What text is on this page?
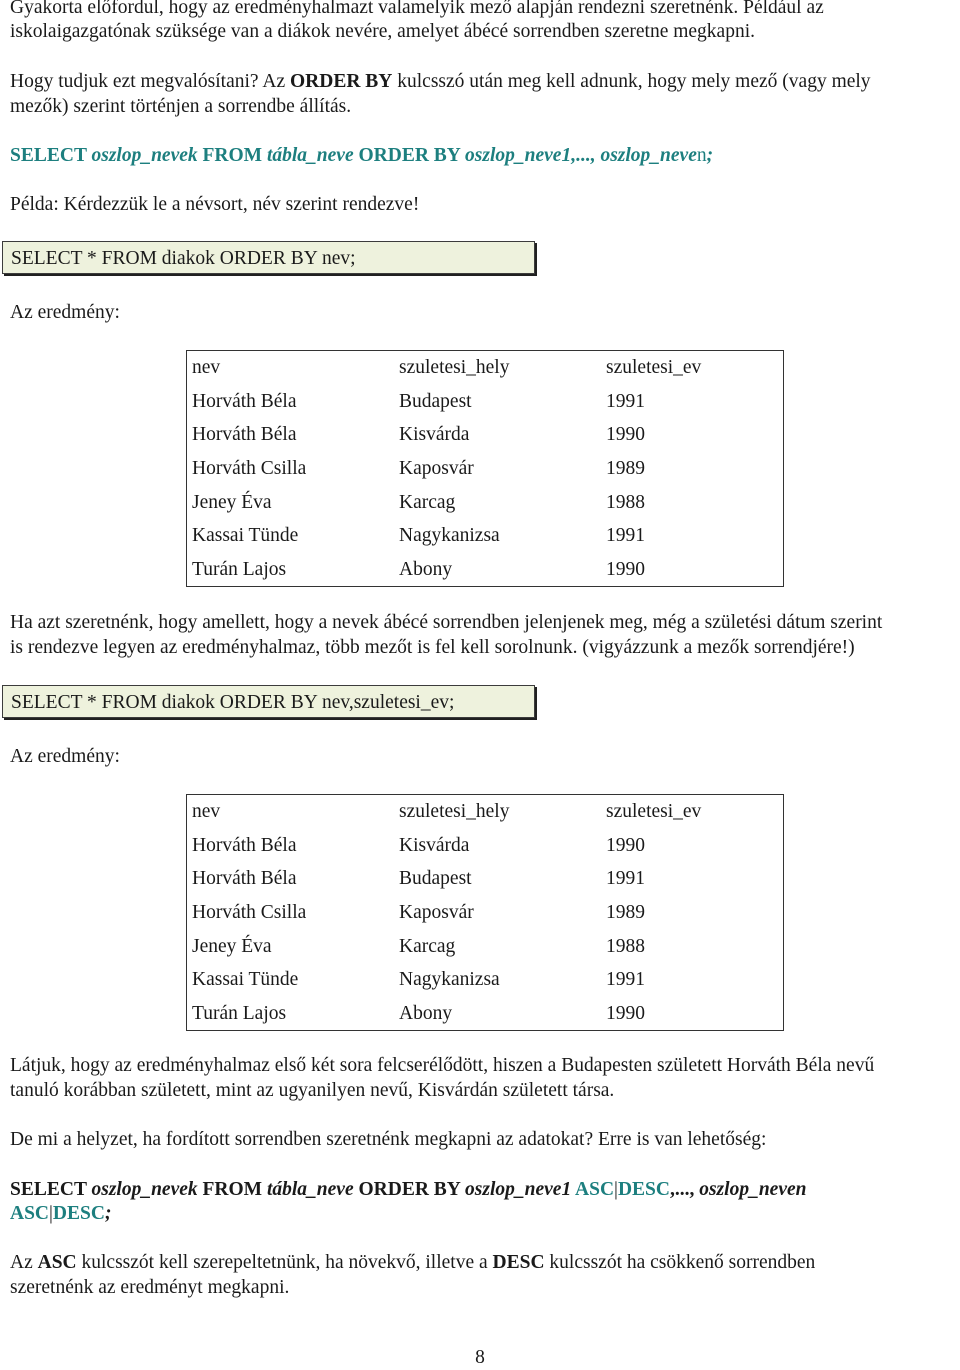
Gyakorta előfordul, hogy az eredményhalmazt valamelyik mező alapján rendezni szeretnénk. Például az
iskolaigazgatónak szüksége van a diákok nevére, amelyet ábécé sorrendben szeretne megkapni.
Hogy tudjuk ezt megvalósítani? Az ORDER BY kulcsszó után meg kell adnunk, hogy mely mező (vagy mely
mezők) szerint történjen a sorrendbe állítás.
SELECT oszlop_nevek FROM tábla_neve ORDER BY oszlop_neve1,..., oszlop_neven;
Példa: Kérdezzük le a névsort, név szerint rendezve!
SELECT * FROM diakok ORDER BY nev;
Az eredmény:
nev	szuletesi_hely	szuletesi_ev
Horváth Béla	Budapest	1991
Horváth Béla	Kisvárda	1990
Horváth Csilla	Kaposvár	1989
Jeney Éva	Karcag	1988
Kassai Tünde	Nagykanizsa	1991
Turán Lajos	Abony	1990
Ha azt szeretnénk, hogy amellett, hogy a nevek ábécé sorrendben jelenjenek meg, még a születési dátum szerint
is rendezve legyen az eredményhalmaz, több mezőt is fel kell sorolnunk. (vigyázzunk a mezők sorrendjére!)
SELECT * FROM diakok ORDER BY nev,szuletesi_ev;
Az eredmény:
nev	szuletesi_hely	szuletesi_ev
Horváth Béla	Kisvárda	1990
Horváth Béla	Budapest	1991
Horváth Csilla	Kaposvár	1989
Jeney Éva	Karcag	1988
Kassai Tünde	Nagykanizsa	1991
Turán Lajos	Abony	1990
Látjuk, hogy az eredményhalmaz első két sora felcserélődött, hiszen a Budapesten született Horváth Béla nevű
tanuló korábban született, mint az ugyanilyen nevű, Kisvárdán született társa.
De mi a helyzet, ha fordított sorrendben szeretnénk megkapni az adatokat? Erre is van lehetőség:
SELECT oszlop_nevek FROM tábla_neve ORDER BY oszlop_neve1 ASC|DESC,..., oszlop_neven
ASC|DESC;
Az ASC kulcsszót kell szerepeltetnünk, ha növekvő, illetve a DESC kulcsszót ha csökkenő sorrendben
szeretnénk az eredményt megkapni.
8
